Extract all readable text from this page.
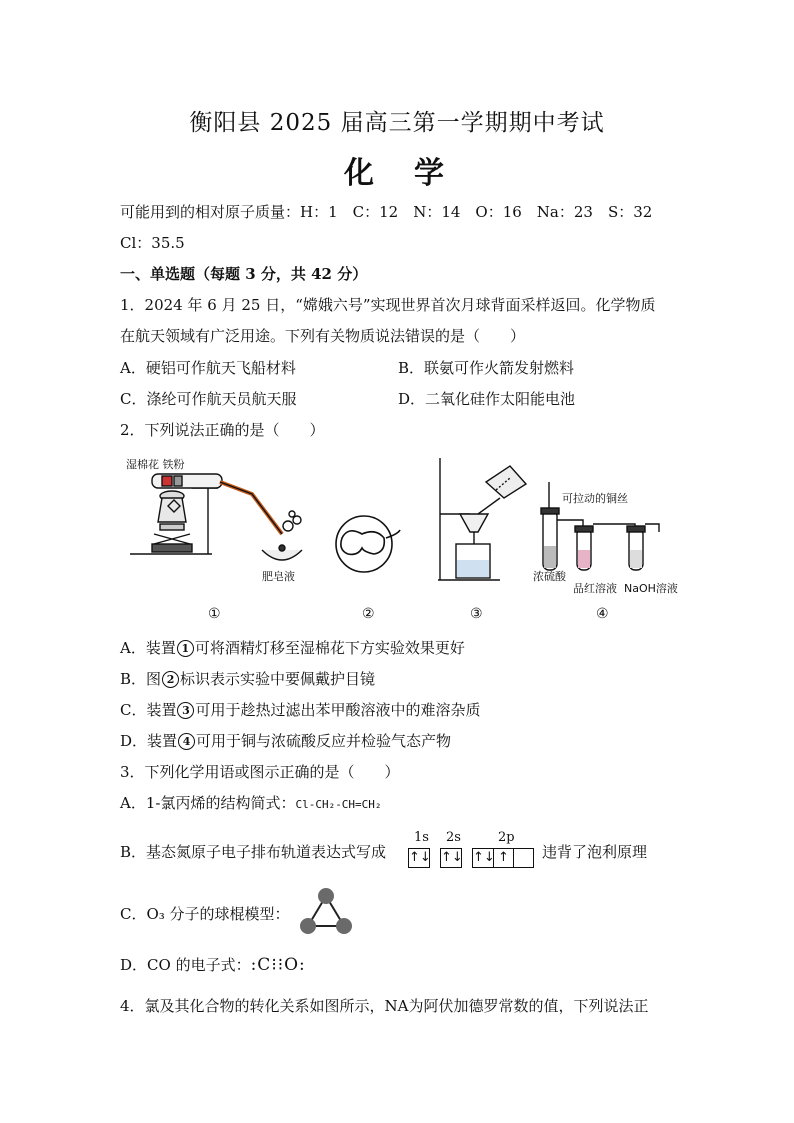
衡阳县 2025 届高三第一学期期中考试
化 学
可能用到的相对原子质量：H：1　C：12　N：14　O：16　Na：23　S：32
Cl：35.5
一、单选题（每题 3 分，共 42 分）
1．2024 年 6 月 25 日，“嫦娥六号”实现世界首次月球背面采样返回。化学物质
在航天领域有广泛用途。下列有关物质说法错误的是（　　）
A．硬铝可作航天飞船材料	B．联氨可作火箭发射燃料
C．涤纶可作航天员航天服	D．二氧化硅作太阳能电池
2．下列说法正确的是（　　）
湿棉花 铁粉
肥皂液
可拉动的铜丝
浓硫酸
品红溶液 NaOH溶液
①	②	③	④
A．装置 1 可将酒精灯移至湿棉花下方实验效果更好
B．图 2 标识表示实验中要佩戴护目镜
C．装置 3 可用于趁热过滤出苯甲酸溶液中的难溶杂质
D．装置 4 可用于铜与浓硫酸反应并检验气态产物
3．下列化学用语或图示正确的是（　　）
A．1-氯丙烯的结构简式：Cl-CH₂-CH=CH₂
B．基态氮原子电子排布轨道表达式写成
1s 2s	2p
↑↓ ↑↓ ↑↓ ↑ 违背了泡利原理
C．O₃ 分子的球棍模型：
D．CO 的电子式：:C⁝⁝O:
4．氯及其化合物的转化关系如图所示，NA为阿伏加德罗常数的值，下列说法正
